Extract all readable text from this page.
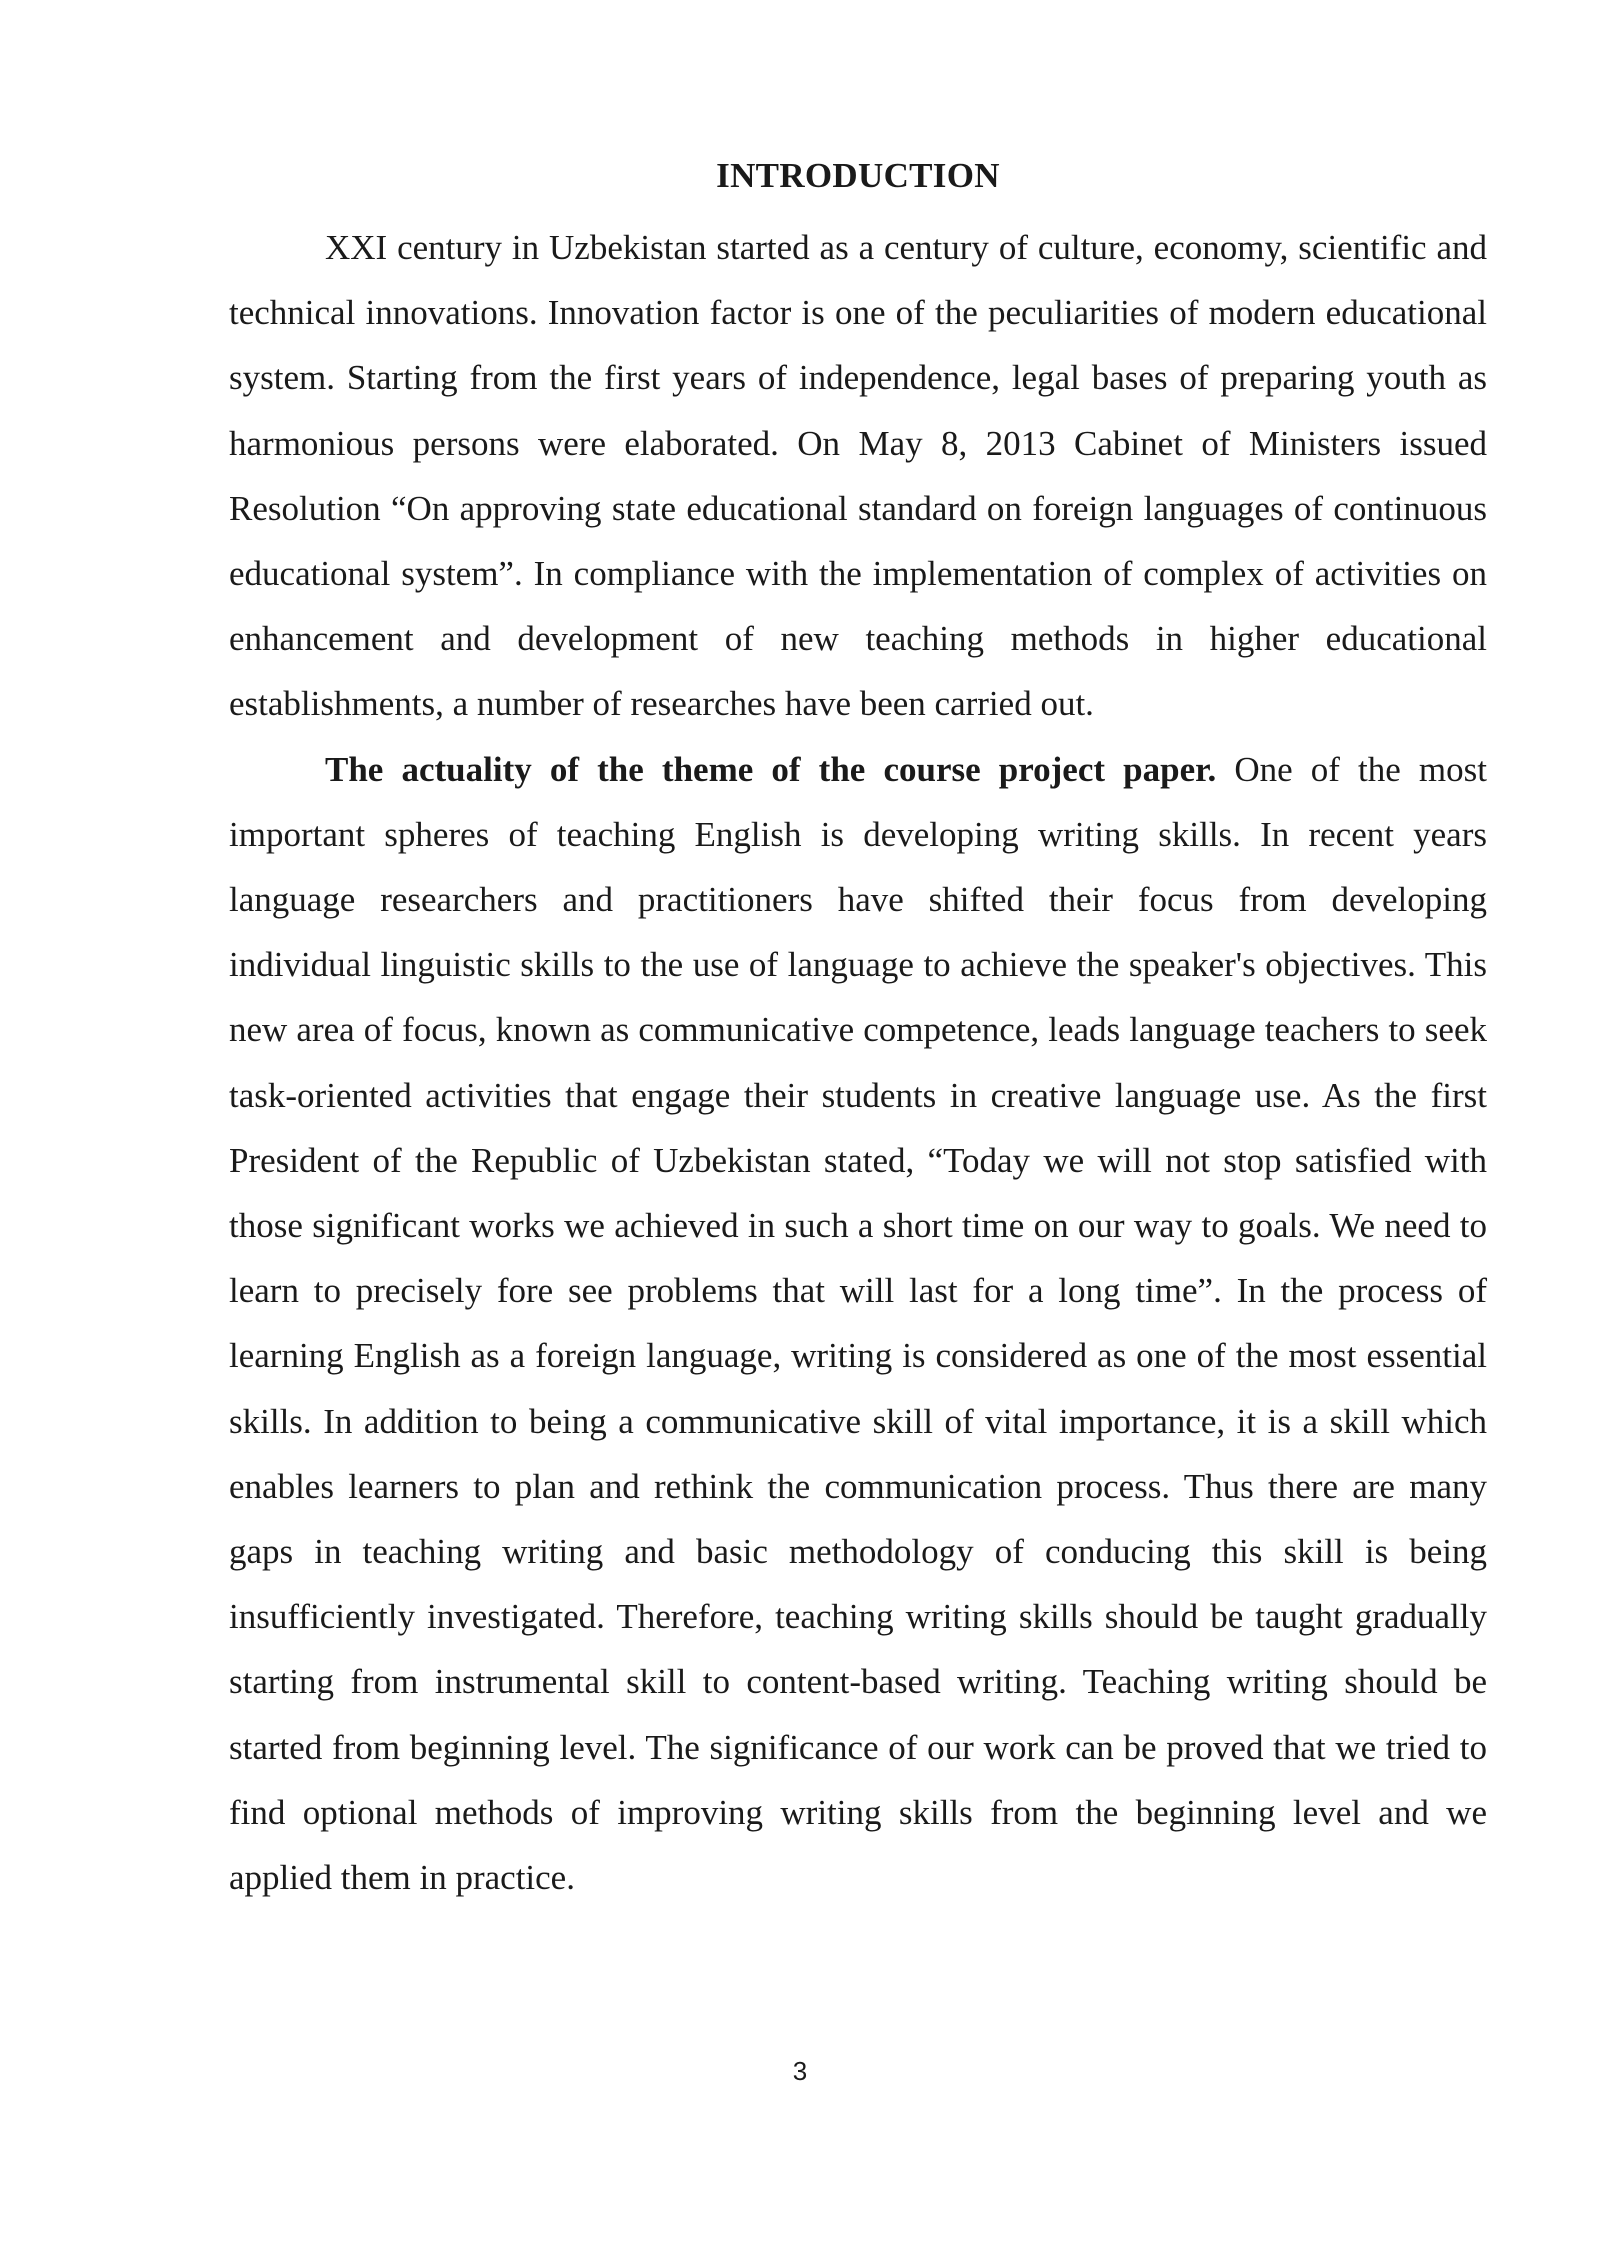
INTRODUCTION

XXI century in Uzbekistan started as a century of culture, economy, scientific and technical innovations. Innovation factor is one of the peculiarities of modern educational system. Starting from the first years of independence, legal bases of preparing youth as harmonious persons were elaborated. On May 8, 2013 Cabinet of Ministers issued Resolution “On approving state educational standard on foreign languages of continuous educational system”. In compliance with the implementation of complex of activities on enhancement and development of new teaching methods in higher educational establishments, a number of researches have been carried out.

The actuality of the theme of the course project paper. One of the most important spheres of teaching English is developing writing skills. In recent years language researchers and practitioners have shifted their focus from developing individual linguistic skills to the use of language to achieve the speaker's objectives. This new area of focus, known as communicative competence, leads language teachers to seek task-oriented activities that engage their students in creative language use. As the first President of the Republic of Uzbekistan stated, “Today we will not stop satisfied with those significant works we achieved in such a short time on our way to goals. We need to learn to precisely fore see problems that will last for a long time”. In the process of learning English as a foreign language, writing is considered as one of the most essential skills. In addition to being a communicative skill of vital importance, it is a skill which enables learners to plan and rethink the communication process. Thus there are many gaps in teaching writing and basic methodology of conducing this skill is being insufficiently investigated. Therefore, teaching writing skills should be taught gradually starting from instrumental skill to content-based writing. Teaching writing should be started from beginning level. The significance of our work can be proved that we tried to find optional methods of improving writing skills from the beginning level and we applied them in practice.

3
